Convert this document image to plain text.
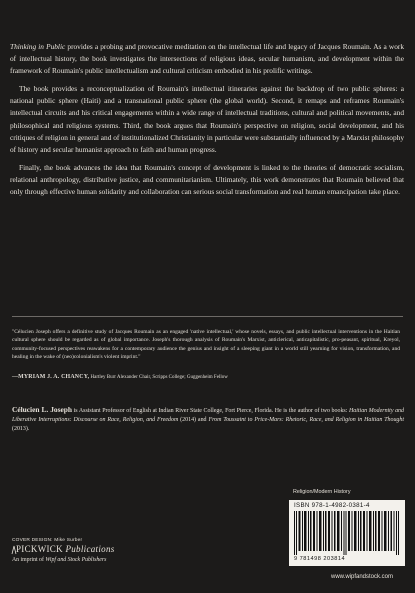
Thinking in Public provides a probing and provocative meditation on the intellectual life and legacy of Jacques Roumain. As a work of intellectual history, the book investigates the intersections of religious ideas, secular humanism, and development within the framework of Roumain's public intellectualism and cultural criticism embodied in his prolific writings.

The book provides a reconceptualization of Roumain's intellectual itineraries against the backdrop of two public spheres: a national public sphere (Haiti) and a transnational public sphere (the global world). Second, it remaps and reframes Roumain's intellectual circuits and his critical engagements within a wide range of intellectual traditions, cultural and political movements, and philosophical and religious systems. Third, the book argues that Roumain's perspective on religion, social development, and his critiques of religion in general and of institutionalized Christianity in particular were substantially influenced by a Marxist philosophy of history and secular humanist approach to faith and human progress.

Finally, the book advances the idea that Roumain's concept of development is linked to the theories of democratic socialism, relational anthropology, distributive justice, and communitarianism. Ultimately, this work demonstrates that Roumain believed that only through effective human solidarity and collaboration can serious social transformation and real human emancipation take place.

"Célucien Joseph offers a definitive study of Jacques Roumain as an engaged 'native intellectual,' whose novels, essays, and public intellectual interventions in the Haitian cultural sphere should be regarded as of global importance. Joseph's thorough analysis of Roumain's Marxist, anticlerical, anticapitalistic, pro-peasant, spiritual, Kreyol, community-focused perspectives reawakens for a contemporary audience the genius and insight of a sleeping giant in a world still yearning for vision, transformation, and healing in the wake of (neo)colonialism's violent imprint."

—MYRIAM J. A. CHANCY, Hartley Burr Alexander Chair, Scripps College; Guggenheim Fellow
Célucien L. Joseph is Assistant Professor of English at Indian River State College, Fort Pierce, Florida. He is the author of two books: Haitian Modernity and Liberative Interruptions: Discourse on Race, Religion, and Freedom (2014) and From Toussaint to Price-Mars: Rhetoric, Race, and Religion in Haitian Thought (2013).
Religion/Modern History
ISBN 978-1-4982-0381-4
9 781498 203814
www.wipfandstock.com
COVER DESIGN: Mike Surber
PICKWICK Publications
An imprint of Wipf and Stock Publishers
